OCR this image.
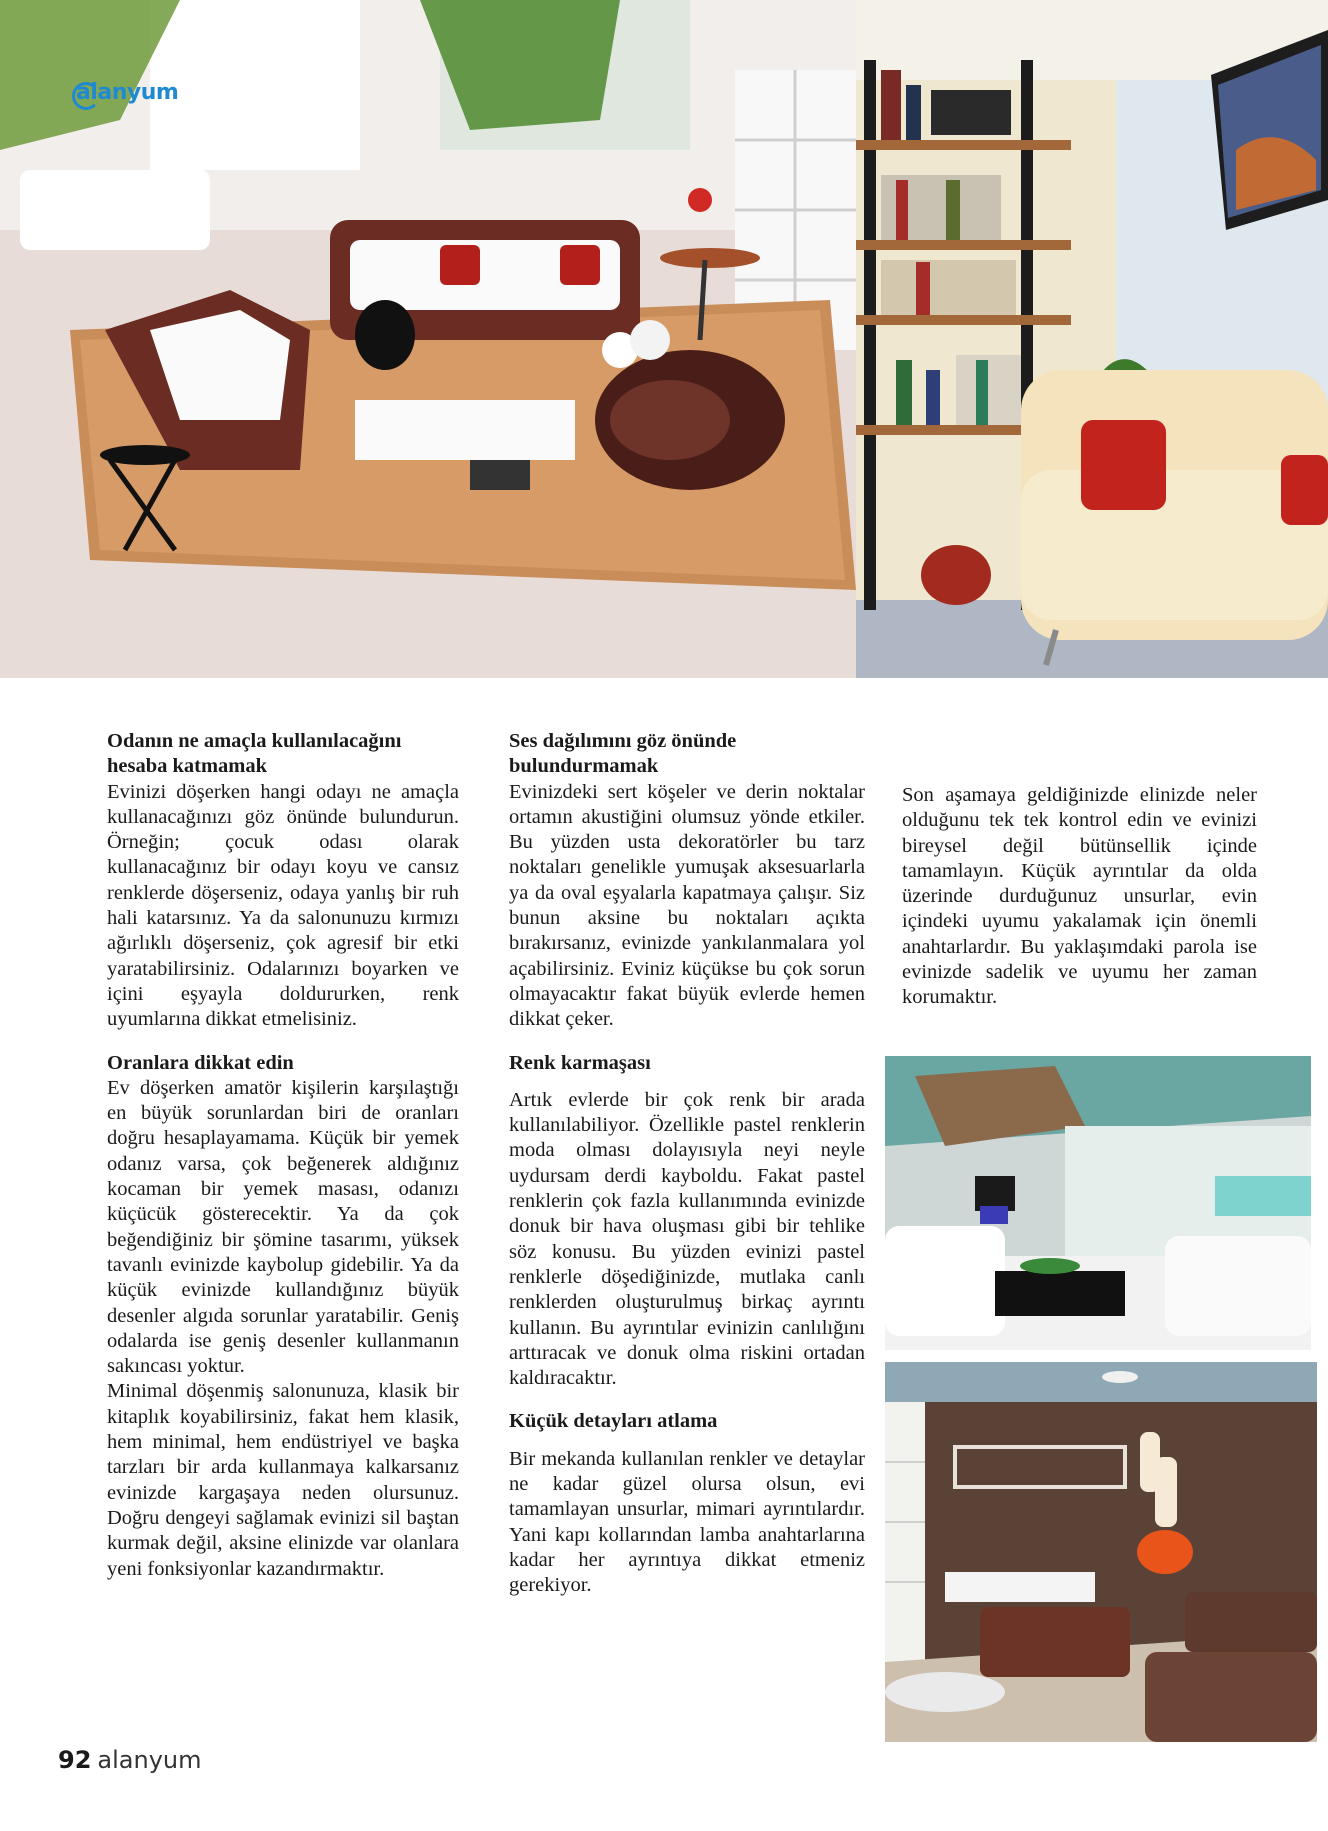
alanyumdeko
Odanın ne amaçla kullanılacağını hesaba katmamak

Evinizi döşerken hangi odayı ne amaçla kullanacağınızı göz önünde bulundurun. Örneğin; çocuk odası olarak kullanacağınız bir odayı koyu ve cansız renklerde döşerseniz, odaya yanlış bir ruh hali katarsınız. Ya da salonunuzu kırmızı ağırlıklı döşerseniz, çok agresif bir etki yaratabilirsiniz. Odalarınızı boyarken ve içini eşyayla doldururken, renk uyumlarına dikkat etmelisiniz.

Oranlara dikkat edin

Ev döşerken amatör kişilerin karşılaştığı en büyük sorunlardan biri de oranları doğru hesaplayamama. Küçük bir yemek odanız varsa, çok beğenerek aldığınız kocaman bir yemek masası, odanızı küçücük gösterecektir. Ya da çok beğendiğiniz bir şömine tasarımı, yüksek tavanlı evinizde kaybolup gidebilir. Ya da küçük evinizde kullandığınız büyük desenler algıda sorunlar yaratabilir. Geniş odalarda ise geniş desenler kullanmanın sakıncası yoktur.

Minimal döşenmiş salonunuza, klasik bir kitaplık koyabilirsiniz, fakat hem klasik, hem minimal, hem endüstriyel ve başka tarzları bir arda kullanmaya kalkarsanız evinizde kargaşaya neden olursunuz. Doğru dengeyi sağlamak evinizi sil baştan kurmak değil, aksine elinizde var olanlara yeni fonksiyonlar kazandırmaktır.

Ses dağılımını göz önünde bulundurmamak

Evinizdeki sert köşeler ve derin noktalar ortamın akustiğini olumsuz yönde etkiler. Bu yüzden usta dekoratörler bu tarz noktaları genelikle yumuşak aksesuarlarla ya da oval eşyalarla kapatmaya çalışır. Siz bunun aksine bu noktaları açıkta bırakırsanız, evinizde yankılanmalara yol açabilirsiniz. Eviniz küçükse bu çok sorun olmayacaktır fakat büyük evlerde hemen dikkat çeker.

Renk karmaşası

Artık evlerde bir çok renk bir arada kullanılabiliyor. Özellikle pastel renklerin moda olması dolayısıyla neyi neyle uydursam derdi kayboldu. Fakat pastel renklerin çok fazla kullanımında evinizde donuk bir hava oluşması gibi bir tehlike söz konusu. Bu yüzden evinizi pastel renklerle döşediğinizde, mutlaka canlı renklerden oluşturulmuş birkaç ayrıntı kullanın. Bu ayrıntılar evinizin canlılığını arttıracak ve donuk olma riskini ortadan kaldıracaktır.

Küçük detayları atlama

Bir mekanda kullanılan renkler ve detaylar ne kadar güzel olursa olsun, evi tamamlayan unsurlar, mimari ayrıntılardır. Yani kapı kollarından lamba anahtarlarına kadar her ayrıntıya dikkat etmeniz gerekiyor.

Son aşamaya geldiğinizde elinizde neler olduğunu tek tek kontrol edin ve evinizi bireysel değil bütünsellik içinde tamamlayın. Küçük ayrıntılar da olda üzerinde durduğunuz unsurlar, evin içindeki uyumu yakalamak için önemli anahtarlardır. Bu yaklaşımdaki parola ise evinizde sadelik ve uyumu her zaman korumaktır.

92 alanyum
